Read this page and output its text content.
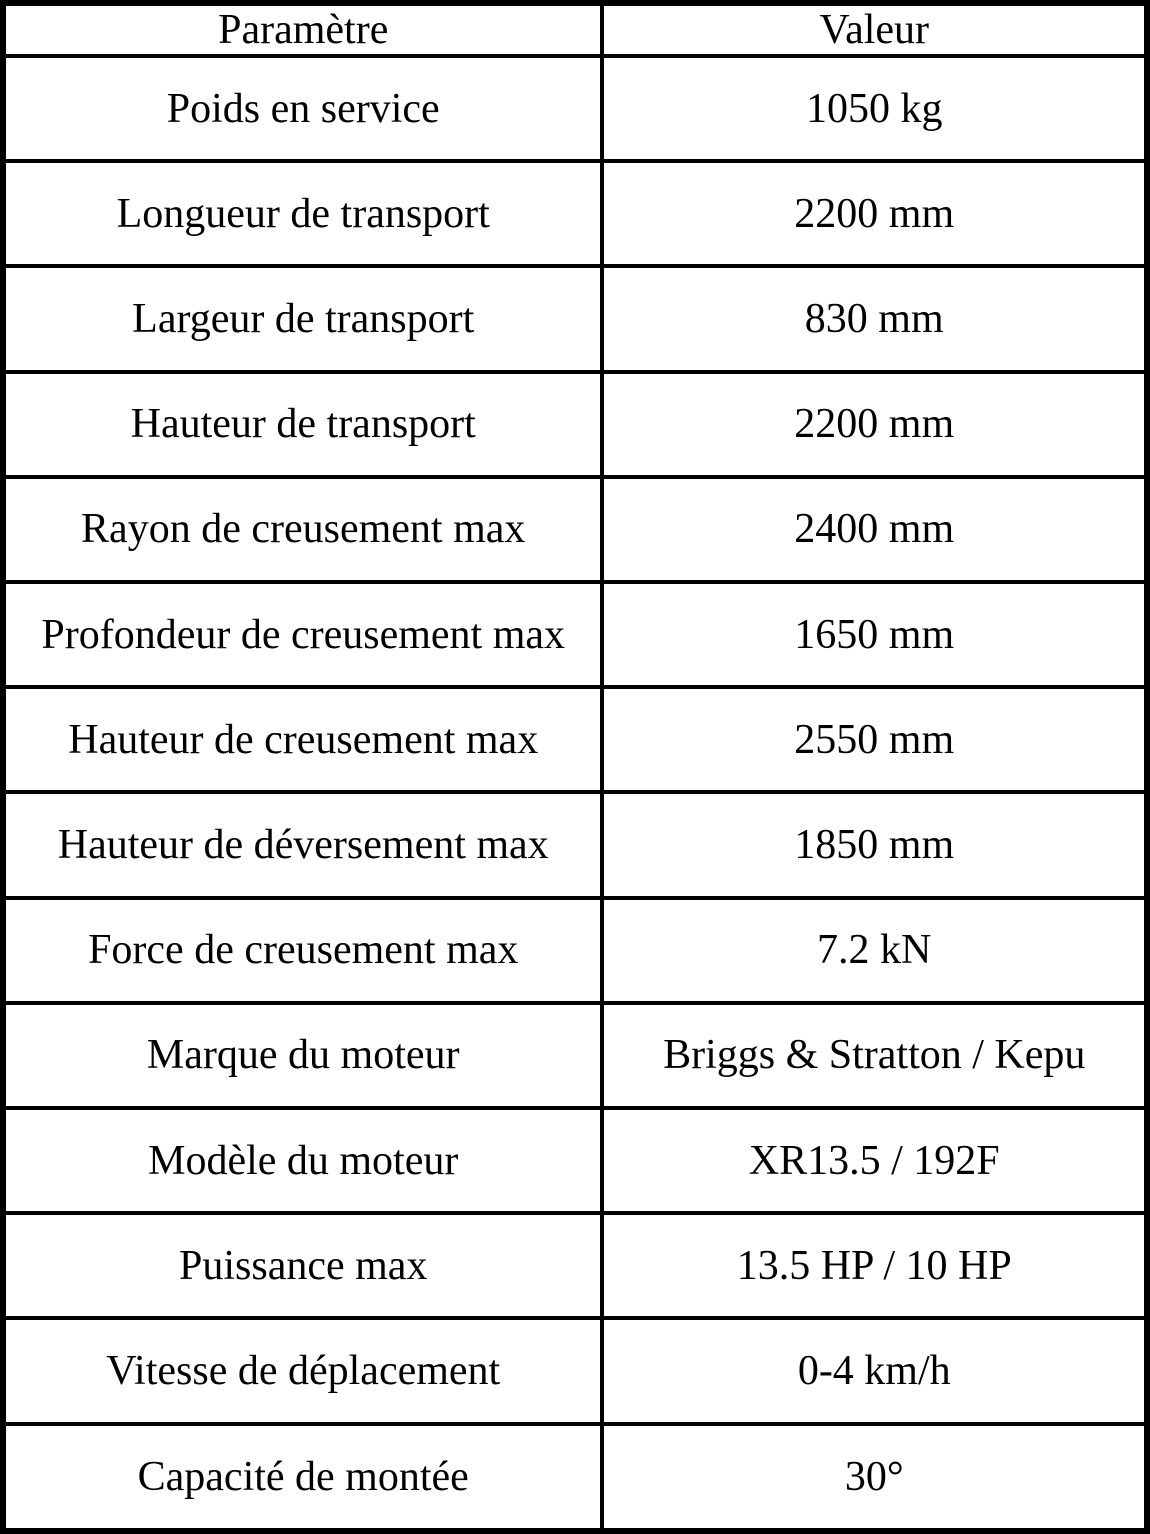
Paramètre	Valeur
Poids en service	1050 kg
Longueur de transport	2200 mm
Largeur de transport	830 mm
Hauteur de transport	2200 mm
Rayon de creusement max	2400 mm
Profondeur de creusement max	1650 mm
Hauteur de creusement max	2550 mm
Hauteur de déversement max	1850 mm
Force de creusement max	7.2 kN
Marque du moteur	Briggs & Stratton / Kepu
Modèle du moteur	XR13.5 / 192F
Puissance max	13.5 HP / 10 HP
Vitesse de déplacement	0-4 km/h
Capacité de montée	30°
